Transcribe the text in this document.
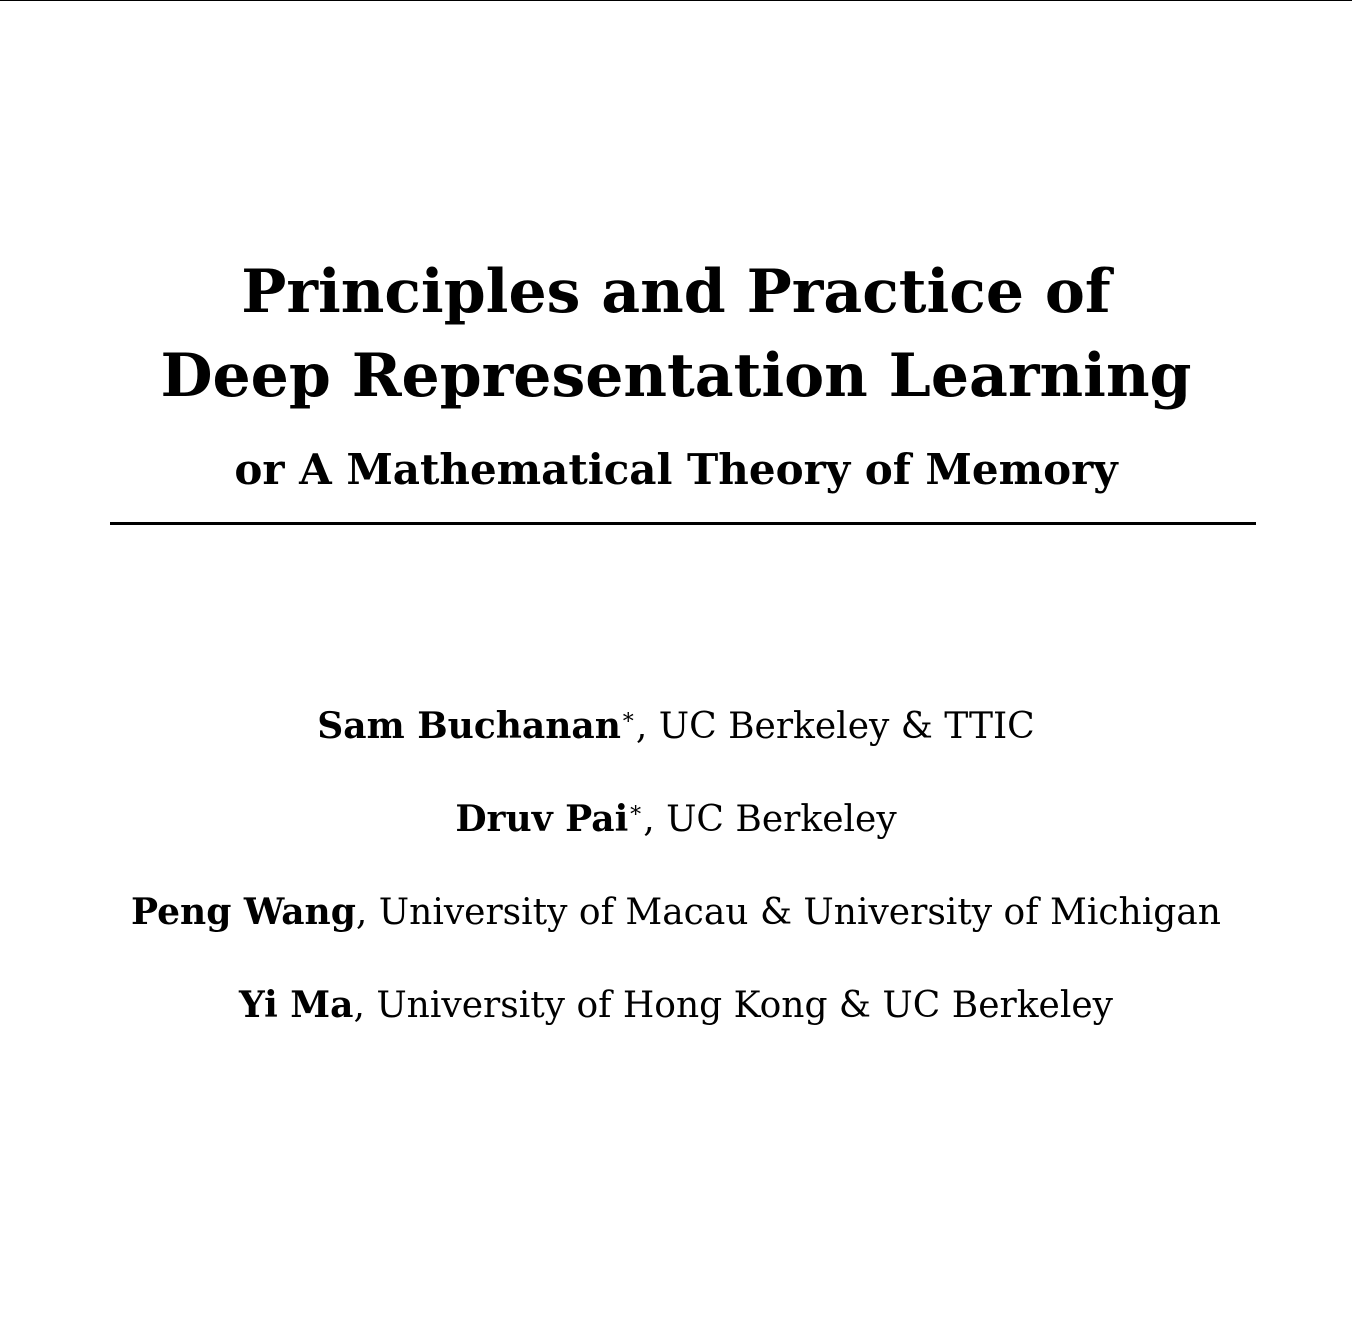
Principles and Practice of
Deep Representation Learning
or A Mathematical Theory of Memory
Sam Buchanan∗, UC Berkeley & TTIC
Druv Pai∗, UC Berkeley
Peng Wang, University of Macau & University of Michigan
Yi Ma, University of Hong Kong & UC Berkeley
